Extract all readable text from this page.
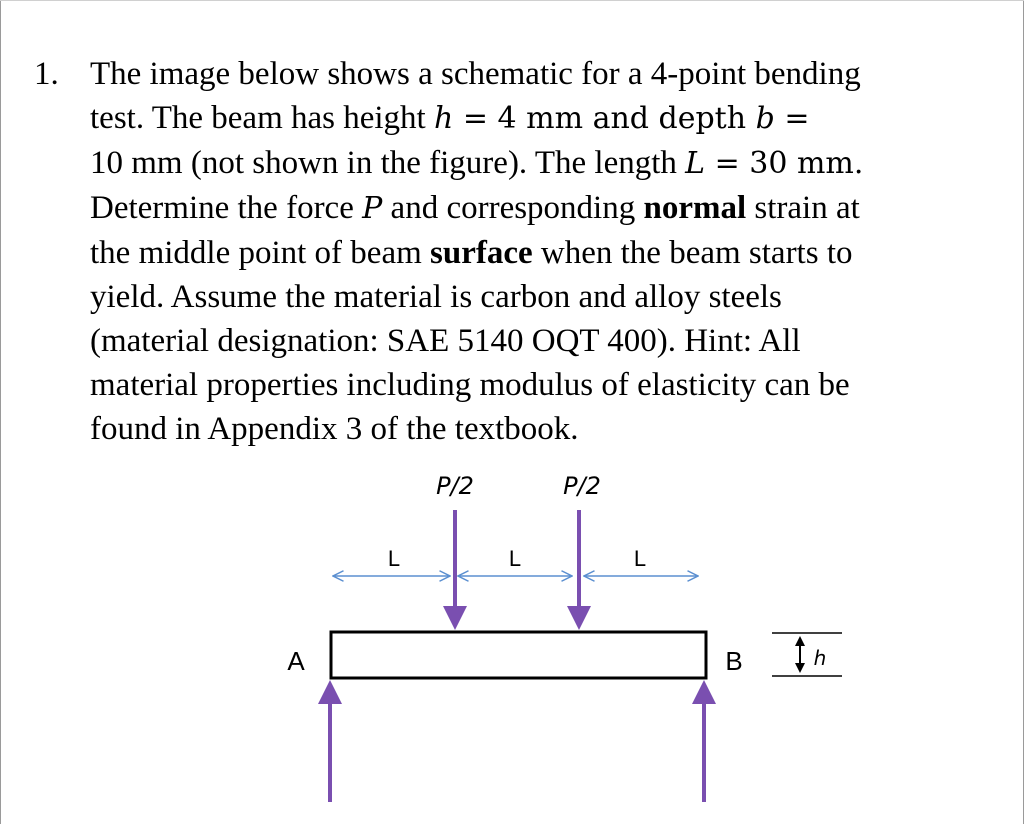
1. The image below shows a schematic for a 4-point bending
test. The beam has height h = 4 mm and depth b =
10 mm (not shown in the figure). The length L = 30 mm.
Determine the force P and corresponding normal strain at
the middle point of beam surface when the beam starts to
yield. Assume the material is carbon and alloy steels
(material designation: SAE 5140 OQT 400). Hint: All
material properties including modulus of elasticity can be
found in Appendix 3 of the textbook.
P/2	P/2
L	L	L
A	B	h
